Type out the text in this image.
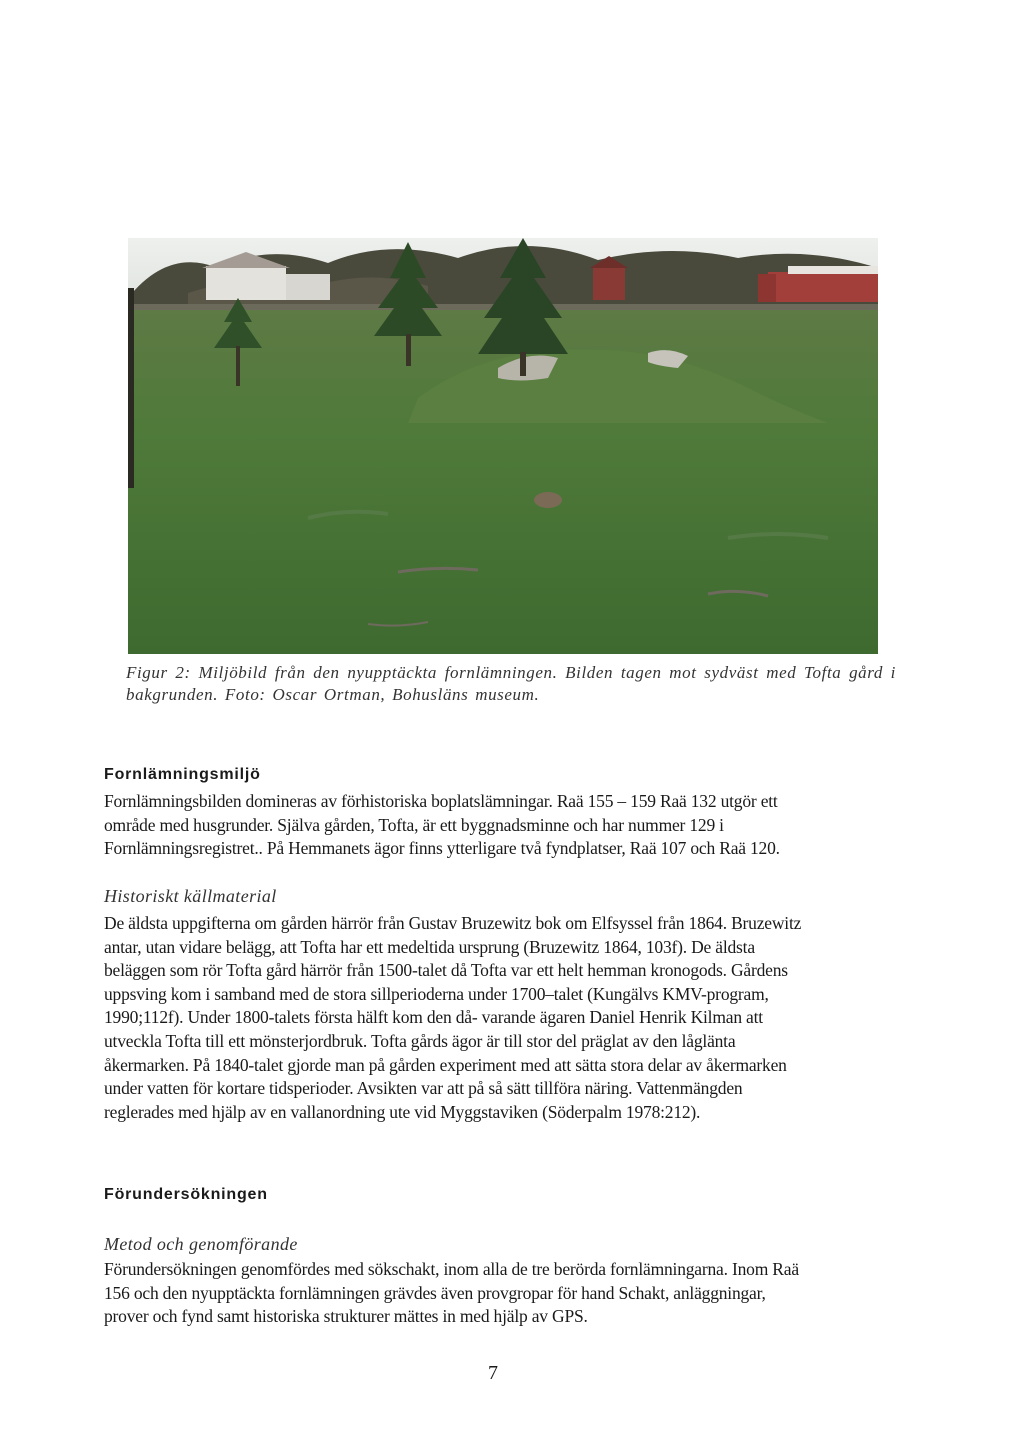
Figur 2: Miljöbild från den nyupptäckta fornlämningen. Bilden tagen mot sydväst med Tofta gård i bakgrunden. Foto: Oscar Ortman, Bohusläns museum.
Fornlämningsmiljö
Fornlämningsbilden domineras av förhistoriska boplatslämningar. Raä 155 – 159 Raä 132 utgör ett
område med husgrunder. Själva gården, Tofta, är ett byggnadsminne och har nummer 129 i
Fornlämningsregistret.. På Hemmanets ägor finns ytterligare två fyndplatser, Raä 107 och Raä 120.
Historiskt källmaterial
De äldsta uppgifterna om gården härrör från Gustav Bruzewitz bok om Elfsyssel från 1864. Bruzewitz
antar, utan vidare belägg, att Tofta har ett medeltida ursprung (Bruzewitz 1864, 103f). De äldsta
beläggen som rör Tofta gård härrör från 1500-talet då Tofta var ett helt hemman kronogods. Gårdens
uppsving kom i samband med de stora sillperioderna under 1700–talet (Kungälvs KMV-program,
1990;112f). Under 1800-talets första hälft kom den då- varande ägaren Daniel Henrik Kilman att
utveckla Tofta till ett mönsterjordbruk. Tofta gårds ägor är till stor del präglat av den låglänta
åkermarken. På 1840-talet gjorde man på gården experiment med att sätta stora delar av åkermarken
under vatten för kortare tidsperioder. Avsikten var att på så sätt tillföra näring. Vattenmängden
reglerades med hjälp av en vallanordning ute vid Myggstaviken (Söderpalm 1978:212).
Förundersökningen
Metod och genomförande
Förundersökningen genomfördes med sökschakt, inom alla de tre berörda fornlämningarna. Inom Raä
156 och den nyupptäckta fornlämningen grävdes även provgropar för hand Schakt, anläggningar,
prover och fynd samt historiska strukturer mättes in med hjälp av GPS.
7
